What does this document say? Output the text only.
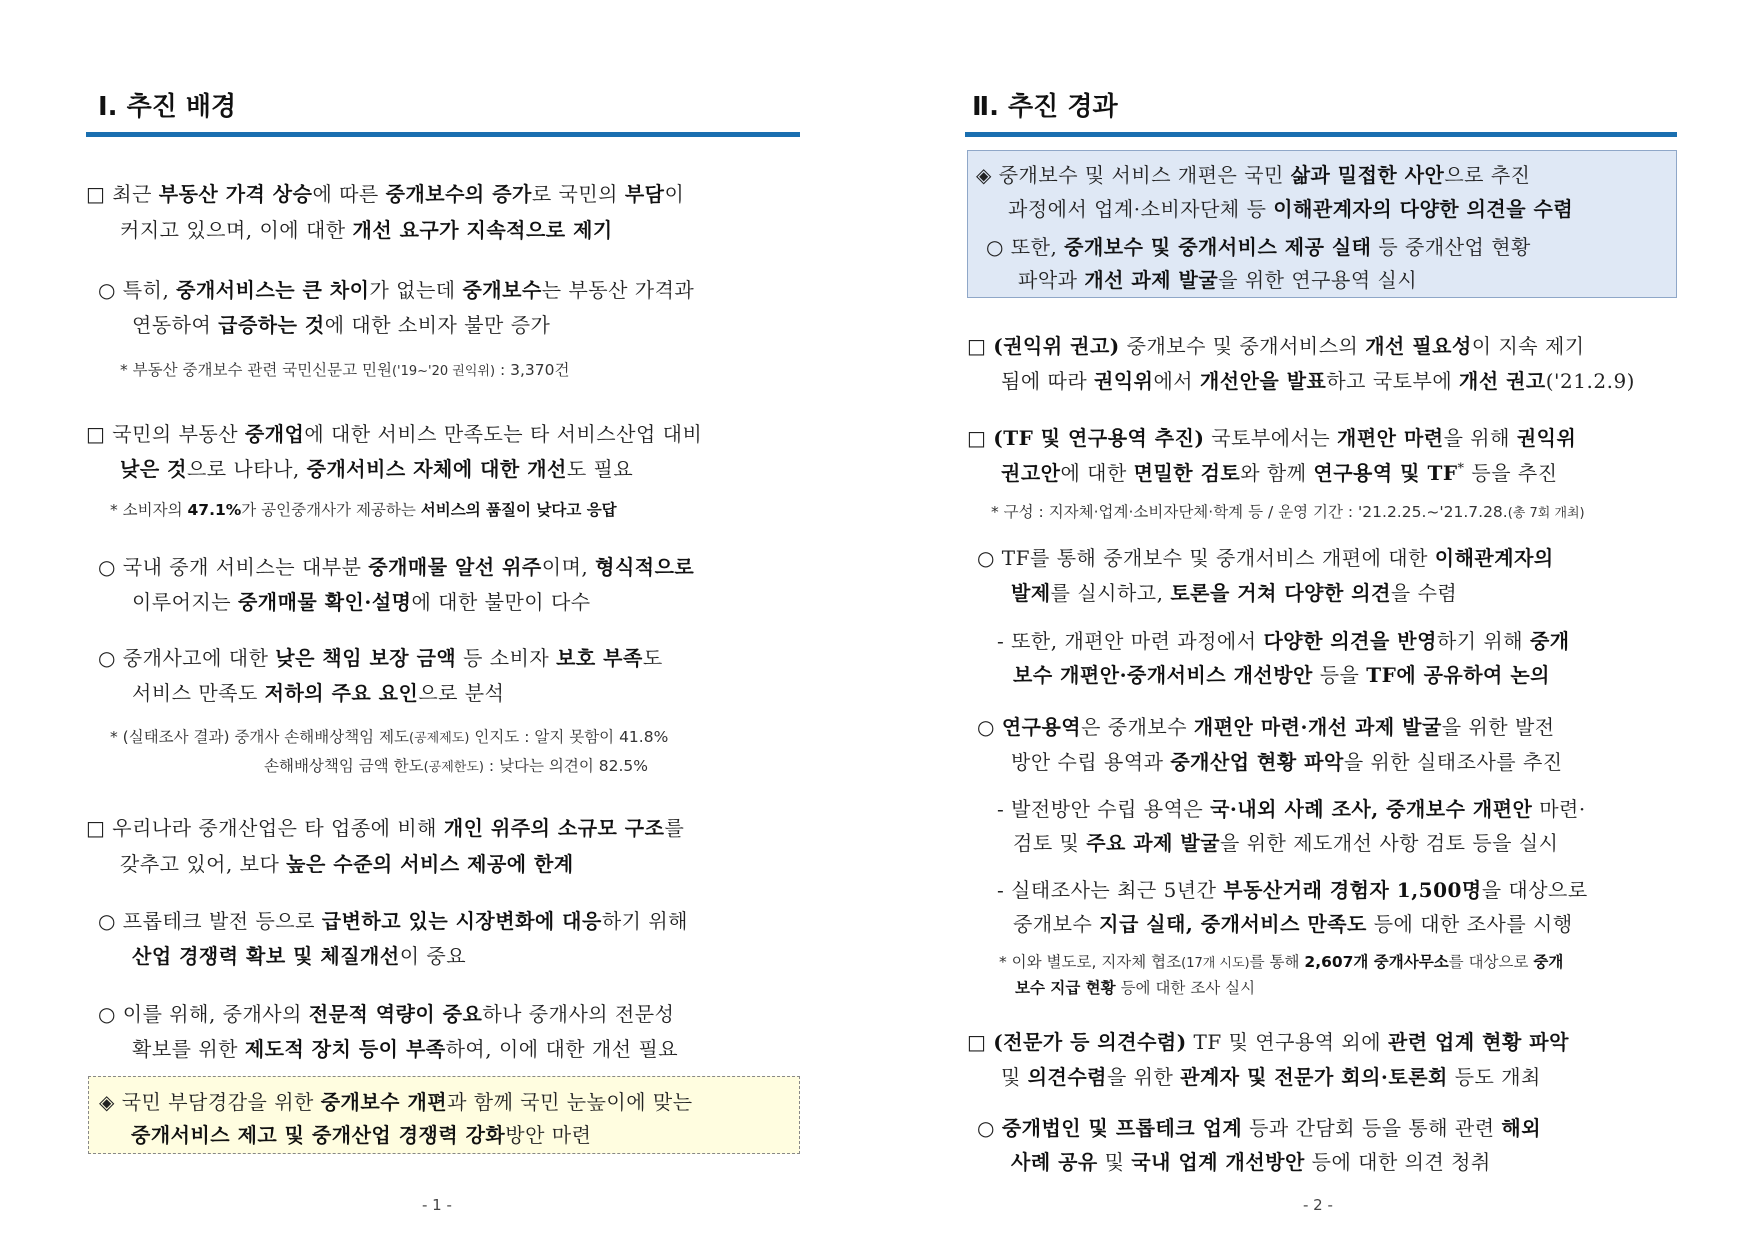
Ⅰ. 추진 배경
□ 최근 부동산 가격 상승에 따른 중개보수의 증가로 국민의 부담이
커지고 있으며, 이에 대한 개선 요구가 지속적으로 제기
○ 특히, 중개서비스는 큰 차이가 없는데 중개보수는 부동산 가격과
연동하여 급증하는 것에 대한 소비자 불만 증가
* 부동산 중개보수 관련 국민신문고 민원('19~'20 권익위) : 3,370건
□ 국민의 부동산 중개업에 대한 서비스 만족도는 타 서비스산업 대비
낮은 것으로 나타나, 중개서비스 자체에 대한 개선도 필요
* 소비자의 47.1%가 공인중개사가 제공하는 서비스의 품질이 낮다고 응답
○ 국내 중개 서비스는 대부분 중개매물 알선 위주이며, 형식적으로
이루어지는 중개매물 확인·설명에 대한 불만이 다수
○ 중개사고에 대한 낮은 책임 보장 금액 등 소비자 보호 부족도
서비스 만족도 저하의 주요 요인으로 분석
* (실태조사 결과) 중개사 손해배상책임 제도(공제제도) 인지도 : 알지 못함이 41.8%
손해배상책임 금액 한도(공제한도) : 낮다는 의견이 82.5%
□ 우리나라 중개산업은 타 업종에 비해 개인 위주의 소규모 구조를
갖추고 있어, 보다 높은 수준의 서비스 제공에 한계
○ 프롭테크 발전 등으로 급변하고 있는 시장변화에 대응하기 위해
산업 경쟁력 확보 및 체질개선이 중요
○ 이를 위해, 중개사의 전문적 역량이 중요하나 중개사의 전문성
확보를 위한 제도적 장치 등이 부족하여, 이에 대한 개선 필요
◈ 국민 부담경감을 위한 중개보수 개편과 함께 국민 눈높이에 맞는
중개서비스 제고 및 중개산업 경쟁력 강화방안 마련
- 1 -
Ⅱ. 추진 경과
◈ 중개보수 및 서비스 개편은 국민 삶과 밀접한 사안으로 추진
과정에서 업계·소비자단체 등 이해관계자의 다양한 의견을 수렴
○ 또한, 중개보수 및 중개서비스 제공 실태 등 중개산업 현황
파악과 개선 과제 발굴을 위한 연구용역 실시
□ (권익위 권고) 중개보수 및 중개서비스의 개선 필요성이 지속 제기
됨에 따라 권익위에서 개선안을 발표하고 국토부에 개선 권고('21.2.9)
□ (TF 및 연구용역 추진) 국토부에서는 개편안 마련을 위해 권익위
권고안에 대한 면밀한 검토와 함께 연구용역 및 TF* 등을 추진
* 구성 : 지자체·업계·소비자단체·학계 등 / 운영 기간 : '21.2.25.~'21.7.28.(총 7회 개최)
○ TF를 통해 중개보수 및 중개서비스 개편에 대한 이해관계자의
발제를 실시하고, 토론을 거쳐 다양한 의견을 수렴
- 또한, 개편안 마련 과정에서 다양한 의견을 반영하기 위해 중개
보수 개편안·중개서비스 개선방안 등을 TF에 공유하여 논의
○ 연구용역은 중개보수 개편안 마련·개선 과제 발굴을 위한 발전
방안 수립 용역과 중개산업 현황 파악을 위한 실태조사를 추진
- 발전방안 수립 용역은 국·내외 사례 조사, 중개보수 개편안 마련·
검토 및 주요 과제 발굴을 위한 제도개선 사항 검토 등을 실시
- 실태조사는 최근 5년간 부동산거래 경험자 1,500명을 대상으로
중개보수 지급 실태, 중개서비스 만족도 등에 대한 조사를 시행
* 이와 별도로, 지자체 협조(17개 시도)를 통해 2,607개 중개사무소를 대상으로 중개
보수 지급 현황 등에 대한 조사 실시
□ (전문가 등 의견수렴) TF 및 연구용역 외에 관련 업계 현황 파악
및 의견수렴을 위한 관계자 및 전문가 회의·토론회 등도 개최
○ 중개법인 및 프롭테크 업계 등과 간담회 등을 통해 관련 해외
사례 공유 및 국내 업계 개선방안 등에 대한 의견 청취
- 2 -
